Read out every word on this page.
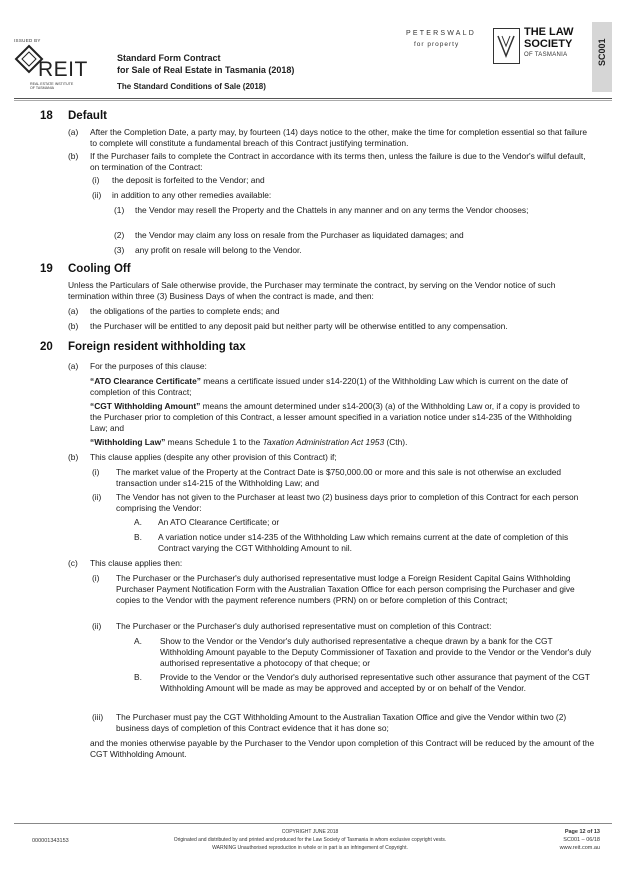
ISSUED BY
REIT
REAL ESTATE INSTITUTE OF TASMANIA
Standard Form Contract
for Sale of Real Estate in Tasmania (2018)
The Standard Conditions of Sale (2018)
PETERSWALD
for property
THE LAW
SOCIETY
OF TASMANIA	SC001
18 Default
(a) After the Completion Date, a party may, by fourteen (14) days notice to the other, make the time for completion essential so that failure to complete will constitute a fundamental breach of this Contract justifying termination.
(b) If the Purchaser fails to complete the Contract in accordance with its terms then, unless the failure is due to the Vendor's wilful default, on termination of the Contract:
(i) the deposit is forfeited to the Vendor; and
(ii) in addition to any other remedies available:
(1) the Vendor may resell the Property and the Chattels in any manner and on any terms the Vendor chooses;
(2) the Vendor may claim any loss on resale from the Purchaser as liquidated damages; and
(3) any profit on resale will belong to the Vendor.
19 Cooling Off
Unless the Particulars of Sale otherwise provide, the Purchaser may terminate the contract, by serving on the Vendor notice of such termination within three (3) Business Days of when the contract is made, and then:
(a) the obligations of the parties to complete ends; and
(b) the Purchaser will be entitled to any deposit paid but neither party will be otherwise entitled to any compensation.
20 Foreign resident withholding tax
(a) For the purposes of this clause:
“ATO Clearance Certificate” means a certificate issued under s14-220(1) of the Withholding Law which is current on the date of completion of this Contract;
“CGT Withholding Amount” means the amount determined under s14-200(3) (a) of the Withholding Law or, if a copy is provided to the Purchaser prior to completion of this Contract, a lesser amount specified in a variation notice under s14-235 of the Withholding Law; and
“Withholding Law” means Schedule 1 to the Taxation Administration Act 1953 (Cth).
(b) This clause applies (despite any other provision of this Contract) if;
(i) The market value of the Property at the Contract Date is $750,000.00 or more and this sale is not otherwise an excluded transaction under s14-215 of the Withholding Law; and
(ii) The Vendor has not given to the Purchaser at least two (2) business days prior to completion of this Contract for each person comprising the Vendor:
A. An ATO Clearance Certificate; or
B. A variation notice under s14-235 of the Withholding Law which remains current at the date of completion of this Contract varying the CGT Withholding Amount to nil.
(c) This clause applies then:
(i) The Purchaser or the Purchaser's duly authorised representative must lodge a Foreign Resident Capital Gains Withholding Purchaser Payment Notification Form with the Australian Taxation Office for each person comprising the Purchaser and give copies to the Vendor with the payment reference numbers (PRN) on or before completion of this Contract;
(ii) The Purchaser or the Purchaser's duly authorised representative must on completion of this Contract:
A. Show to the Vendor or the Vendor's duly authorised representative a cheque drawn by a bank for the CGT Withholding Amount payable to the Deputy Commissioner of Taxation and provide to the Vendor or the Vendor's duly authorised representative a photocopy of that cheque; or
B. Provide to the Vendor or the Vendor's duly authorised representative such other assurance that payment of the CGT Withholding Amount will be made as may be approved and accepted by or on behalf of the Vendor.
(iii) The Purchaser must pay the CGT Withholding Amount to the Australian Taxation Office and give the Vendor within two (2) business days of completion of this Contract evidence that it has done so;
and the monies otherwise payable by the Purchaser to the Vendor upon completion of this Contract will be reduced by the amount of the CGT Withholding Amount.
000001343153
COPYRIGHT JUNE 2018
Originated and distributed by and printed and produced for the Law Society of Tasmania in whom exclusive copyright vests.
WARNING Unauthorised reproduction in whole or in part is an infringement of Copyright.
Page 12 of 13
SC001 – 06/18
www.reit.com.au
